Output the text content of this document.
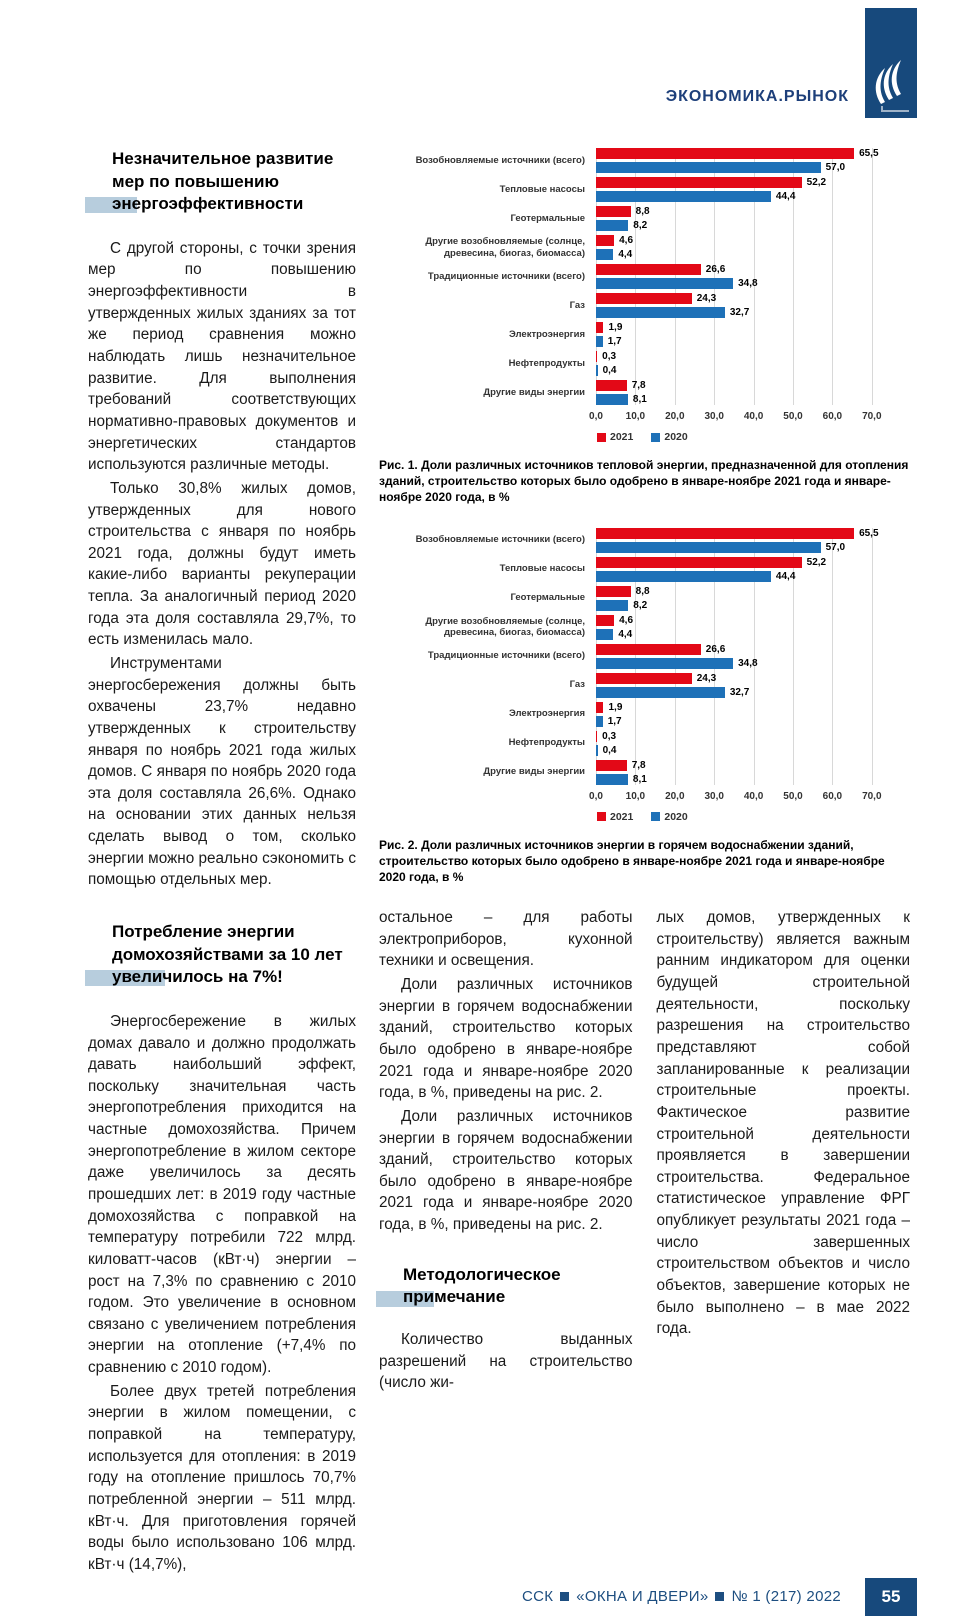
ЭКОНОМИКА.РЫНОК
Незначительное развитие
мер по повышению
энергоэффективности

С другой стороны, с точки зрения мер по повышению энергоэффективности в утвержденных жилых зданиях за тот же период сравнения можно наблюдать лишь незначительное развитие. Для выполнения требований соответствующих нормативно-правовых документов и энергетических стандартов используются различные методы.

Только 30,8% жилых домов, утвержденных для нового строительства с января по ноябрь 2021 года, должны будут иметь какие-либо варианты рекуперации тепла. За аналогичный период 2020 года эта доля составляла 29,7%, то есть изменилась мало.

Инструментами энергосбережения должны быть охвачены 23,7% недавно утвержденных к строительству января по ноябрь 2021 года жилых домов. С января по ноябрь 2020 года эта доля составляла 26,6%. Однако на основании этих данных нельзя сделать вывод о том, сколько энергии можно реально сэкономить с помощью отдельных мер.

Потребление энергии
домохозяйствами за 10 лет
увеличилось на 7%!

Энергосбережение в жилых домах давало и должно продолжать давать наибольший эффект, поскольку значительная часть энергопотребления приходится на частные домохозяйства. Причем энергопотребление в жилом секторе даже увеличилось за десять прошедших лет: в 2019 году частные домохозяйства с поправкой на температуру потребили 722 млрд. киловатт-часов (кВт·ч) энергии – рост на 7,3% по сравнению с 2010 годом. Это увеличение в основном связано с увеличением потребления энергии на отопление (+7,4% по сравнению с 2010 годом).

Более двух третей потребления энергии в жилом помещении, с поправкой на температуру, используется для отопления: в 2019 году на отопление пришлось 70,7% потребленной энергии – 511 млрд. кВт·ч. Для приготовления горячей воды было использовано 106 млрд. кВт·ч (14,7%),

Возобновляемые источники (всего)
65,5
57,0
Тепловые насосы
52,2
44,4
Геотермальные
8,8
8,2
Другие возобновляемые (солнце, древесина, биогаз, биомасса)
4,6
4,4
Традиционные источники (всего)
26,6
34,8
Газ
24,3
32,7
Электроэнергия
1,9
1,7
Нефтепродукты
0,3
0,4
Другие виды энергии
7,8
8,1
0,0 10,0 20,0 30,0 40,0 50,0 60,0 70,0
2021	2020

Рис. 1. Доли различных источников тепловой энергии, предназначенной для отопления зданий, строительство которых было одобрено в январе-ноябре 2021 года и январе-ноябре 2020 года, в %

Возобновляемые источники (всего)
65,5
57,0
Тепловые насосы
52,2
44,4
Геотермальные
8,8
8,2
Другие возобновляемые (солнце, древесина, биогаз, биомасса)
4,6
4,4
Традиционные источники (всего)
26,6
34,8
Газ
24,3
32,7
Электроэнергия
1,9
1,7
Нефтепродукты
0,3
0,4
Другие виды энергии
7,8
8,1
0,0 10,0 20,0 30,0 40,0 50,0 60,0 70,0
2021	2020

Рис. 2. Доли различных источников энергии в горячем водоснабжении зданий, строительство которых было одобрено в январе-ноябре 2021 года и январе-ноябре 2020 года, в %

остальное – для работы электроприборов, кухонной техники и освещения.

Доли различных источников энергии в горячем водоснабжении зданий, строительство которых было одобрено в январе-ноябре 2021 года и январе-ноябре 2020 года, в %, приведены на рис. 2.

Доли различных источников энергии в горячем водоснабжении зданий, строительство которых было одобрено в январе-ноябре 2021 года и январе-ноябре 2020 года, в %, приведены на рис. 2.

Методологическое
примечание

Количество выданных разрешений на строительство (число жи-

лых домов, утвержденных к строительству) является важным ранним индикатором для оценки будущей строительной деятельности, поскольку разрешения на строительство представляют собой запланированные к реализации строительные проекты. Фактическое развитие строительной деятельности проявляется в завершении строительства. Федеральное статистическое управление ФРГ опубликует результаты 2021 года – число завершенных строительством объектов и число объектов, завершение которых не было выполнено – в мае 2022 года.

ССК «ОКНА И ДВЕРИ» № 1 (217) 2022	55
